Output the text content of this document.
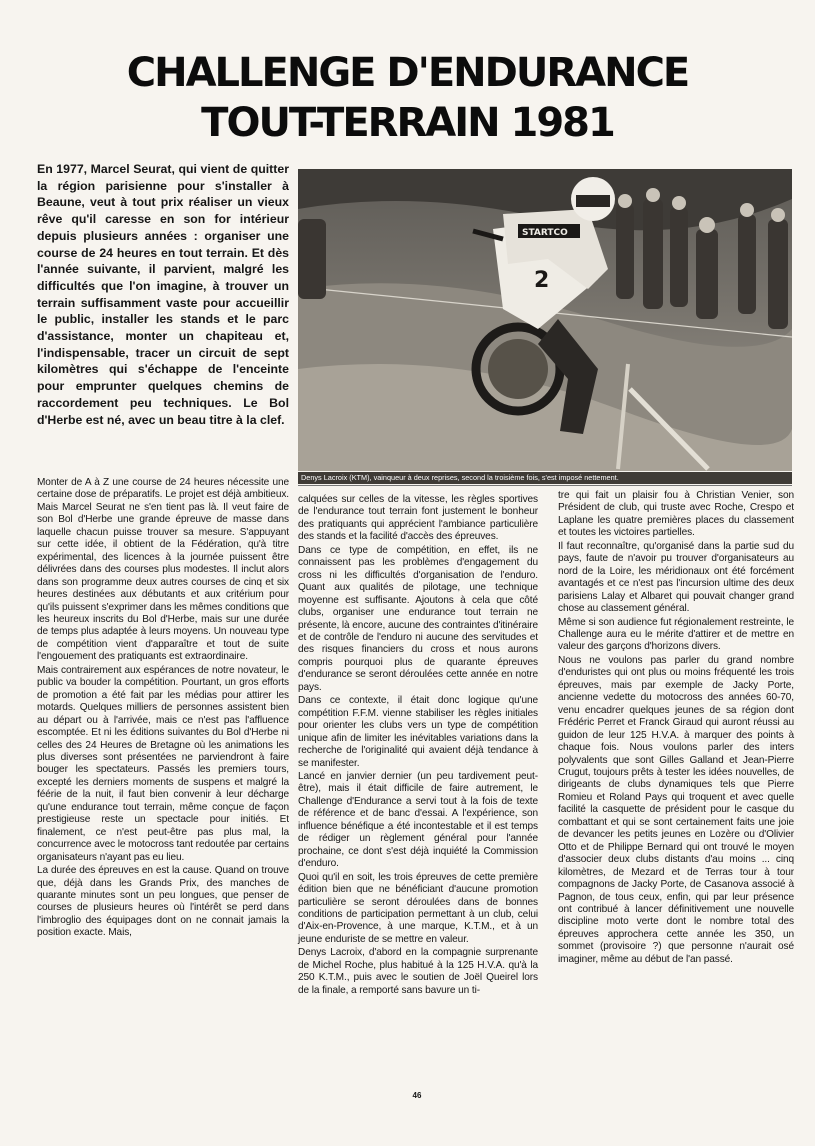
CHALLENGE D'ENDURANCE
TOUT-TERRAIN 1981
En 1977, Marcel Seurat, qui vient de quitter la région parisienne pour s'installer à Beaune, veut à tout prix réaliser un vieux rêve qu'il caresse en son for intérieur depuis plusieurs années : organiser une course de 24 heures en tout terrain. Et dès l'année suivante, il parvient, malgré les difficultés que l'on imagine, à trouver un terrain suffisamment vaste pour accueillir le public, installer les stands et le parc d'assistance, monter un chapiteau et, l'indispensable, tracer un circuit de sept kilomètres qui s'échappe de l'enceinte pour emprunter quelques chemins de raccordement peu techniques. Le Bol d'Herbe est né, avec un beau titre à la clef.
2
STARTCO
Denys Lacroix (KTM), vainqueur à deux reprises, second la troisième fois, s'est imposé nettement.

Monter de A à Z une course de 24 heures nécessite une certaine dose de préparatifs. Le projet est déjà ambitieux. Mais Marcel Seurat ne s'en tient pas là. Il veut faire de son Bol d'Herbe une grande épreuve de masse dans laquelle chacun puisse trouver sa mesure. S'appuyant sur cette idée, il obtient de la Fédération, qu'à titre expérimental, des licences à la journée puissent être délivrées dans des courses plus modestes. Il inclut alors dans son programme deux autres courses de cinq et six heures destinées aux débutants et aux critérium pour qu'ils puissent s'exprimer dans les mêmes conditions que les heureux inscrits du Bol d'Herbe, mais sur une durée de temps plus adaptée à leurs moyens. Un nouveau type de compétition vient d'apparaître et tout de suite l'engouement des pratiquants est extraordinaire.

Mais contrairement aux espérances de notre novateur, le public va bouder la compétition. Pourtant, un gros efforts de promotion a été fait par les médias pour attirer les motards. Quelques milliers de personnes assistent bien au départ ou à l'arrivée, mais ce n'est pas l'affluence escomptée. Et ni les éditions suivantes du Bol d'Herbe ni celles des 24 Heures de Bretagne où les animations les plus diverses sont présentées ne parviendront à faire bouger les spectateurs. Passés les premiers tours, excepté les derniers moments de suspens et malgré la féérie de la nuit, il faut bien convenir à leur décharge qu'une endurance tout terrain, même conçue de façon prestigieuse reste un spectacle pour initiés. Et finalement, ce n'est peut-être pas plus mal, la concurrence avec le motocross tant redoutée par certains organisateurs n'ayant pas eu lieu.

La durée des épreuves en est la cause. Quand on trouve que, déjà dans les Grands Prix, des manches de quarante minutes sont un peu longues, que penser de courses de plusieurs heures où l'intérêt se perd dans l'imbroglio des équipages dont on ne connait jamais la position exacte. Mais,

calquées sur celles de la vitesse, les règles sportives de l'endurance tout terrain font justement le bonheur des pratiquants qui apprécient l'ambiance particulière des stands et la facilité d'accès des épreuves.

Dans ce type de compétition, en effet, ils ne connaissent pas les problèmes d'engagement du cross ni les difficultés d'organisation de l'enduro. Quant aux qualités de pilotage, une technique moyenne est suffisante. Ajoutons à cela que côté clubs, organiser une endurance tout terrain ne présente, là encore, aucune des contraintes d'itinéraire et de contrôle de l'enduro ni aucune des servitudes et des risques financiers du cross et nous aurons compris pourquoi plus de quarante épreuves d'endurance se seront déroulées cette année en notre pays.

Dans ce contexte, il était donc logique qu'une compétition F.F.M. vienne stabiliser les règles initiales pour orienter les clubs vers un type de compétition unique afin de limiter les inévitables variations dans la recherche de l'originalité qui avaient déjà tendance à se manifester.

Lancé en janvier dernier (un peu tardivement peut-être), mais il était difficile de faire autrement, le Challenge d'Endurance a servi tout à la fois de texte de référence et de banc d'essai. A l'expérience, son influence bénéfique a été incontestable et il est temps de rédiger un règlement général pour l'année prochaine, ce dont s'est déjà inquiété la Commission d'enduro.

Quoi qu'il en soit, les trois épreuves de cette première édition bien que ne bénéficiant d'aucune promotion particulière se seront déroulées dans de bonnes conditions de participation permettant à un club, celui d'Aix-en-Provence, à une marque, K.T.M., et à un jeune enduriste de se mettre en valeur.

Denys Lacroix, d'abord en la compagnie surprenante de Michel Roche, plus habitué à la 125 H.V.A. qu'à la 250 K.T.M., puis avec le soutien de Joël Queirel lors de la finale, a remporté sans bavure un ti-

tre qui fait un plaisir fou à Christian Venier, son Président de club, qui truste avec Roche, Crespo et Laplane les quatre premières places du classement et toutes les victoires partielles.

Il faut reconnaître, qu'organisé dans la partie sud du pays, faute de n'avoir pu trouver d'organisateurs au nord de la Loire, les méridionaux ont été forcément avantagés et ce n'est pas l'incursion ultime des deux parisiens Lalay et Albaret qui pouvait changer grand chose au classement général.

Même si son audience fut régionalement restreinte, le Challenge aura eu le mérite d'attirer et de mettre en valeur des garçons d'horizons divers.

Nous ne voulons pas parler du grand nombre d'enduristes qui ont plus ou moins fréquenté les trois épreuves, mais par exemple de Jacky Porte, ancienne vedette du motocross des années 60-70, venu encadrer quelques jeunes de sa région dont Frédéric Perret et Franck Giraud qui auront réussi au guidon de leur 125 H.V.A. à marquer des points à chaque fois. Nous voulons parler des inters polyvalents que sont Gilles Galland et Jean-Pierre Crugut, toujours prêts à tester les idées nouvelles, de dirigeants de clubs dynamiques tels que Pierre Romieu et Roland Pays qui troquent et avec quelle facilité la casquette de président pour le casque du combattant et qui se sont certainement faits une joie de devancer les petits jeunes en Lozère ou d'Olivier Otto et de Philippe Bernard qui ont trouvé le moyen d'associer deux clubs distants d'au moins ... cinq kilomètres, de Mezard et de Terras tour à tour compagnons de Jacky Porte, de Casanova associé à Pagnon, de tous ceux, enfin, qui par leur présence ont contribué à lancer définitivement une nouvelle discipline moto verte dont le nombre total des épreuves approchera cette année les 350, un sommet (provisoire ?) que personne n'aurait osé imaginer, même au début de l'an passé.

46
